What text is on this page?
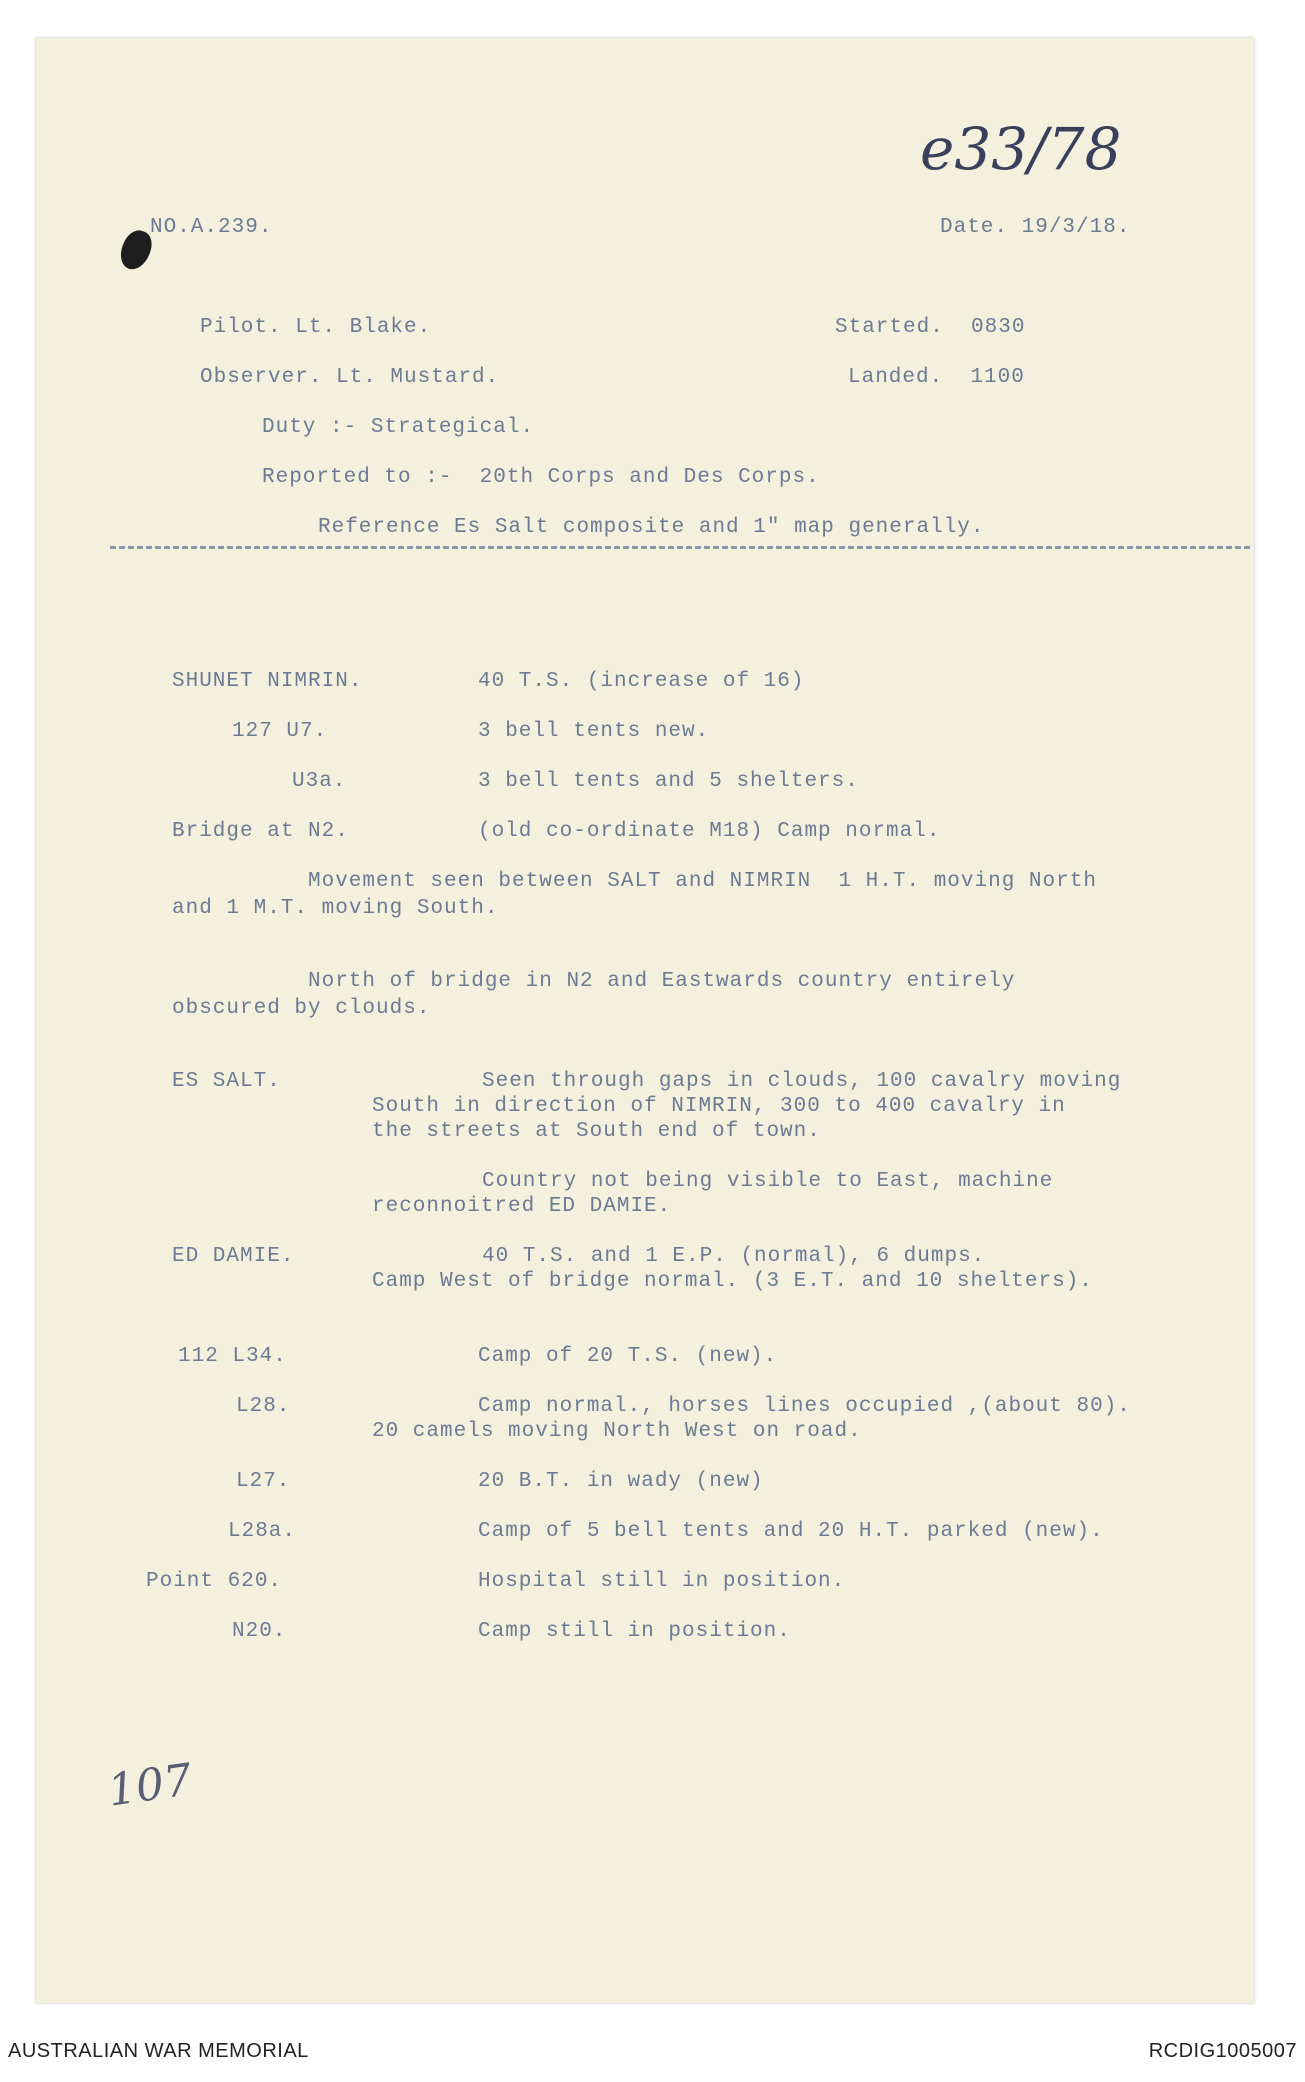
e33/78
NO.A.239.	Date. 19/3/18.
Pilot. Lt. Blake.	Started.  0830
Observer. Lt. Mustard.	Landed.  1100
Duty :- Strategical.
Reported to :-  20th Corps and Des Corps.
Reference Es Salt composite and 1" map generally.
SHUNET NIMRIN.	40 T.S. (increase of 16)
127 U7.	3 bell tents new.
U3a.	3 bell tents and 5 shelters.
Bridge at N2.	(old co-ordinate M18) Camp normal.
Movement seen between SALT and NIMRIN  1 H.T. moving North
and 1 M.T. moving South.
North of bridge in N2 and Eastwards country entirely
obscured by clouds.
ES SALT.	Seen through gaps in clouds, 100 cavalry moving
South in direction of NIMRIN, 300 to 400 cavalry in
the streets at South end of town.
Country not being visible to East, machine
reconnoitred ED DAMIE.
ED DAMIE.	40 T.S. and 1 E.P. (normal), 6 dumps.
Camp West of bridge normal. (3 E.T. and 10 shelters).
112 L34.	Camp of 20 T.S. (new).
L28.	Camp normal., horses lines occupied ,(about 80).
20 camels moving North West on road.
L27.	20 B.T. in wady (new)
L28a.	Camp of 5 bell tents and 20 H.T. parked (new).
Point 620.	Hospital still in position.
N20.	Camp still in position.
107
AUSTRALIAN WAR MEMORIAL	RCDIG1005007
